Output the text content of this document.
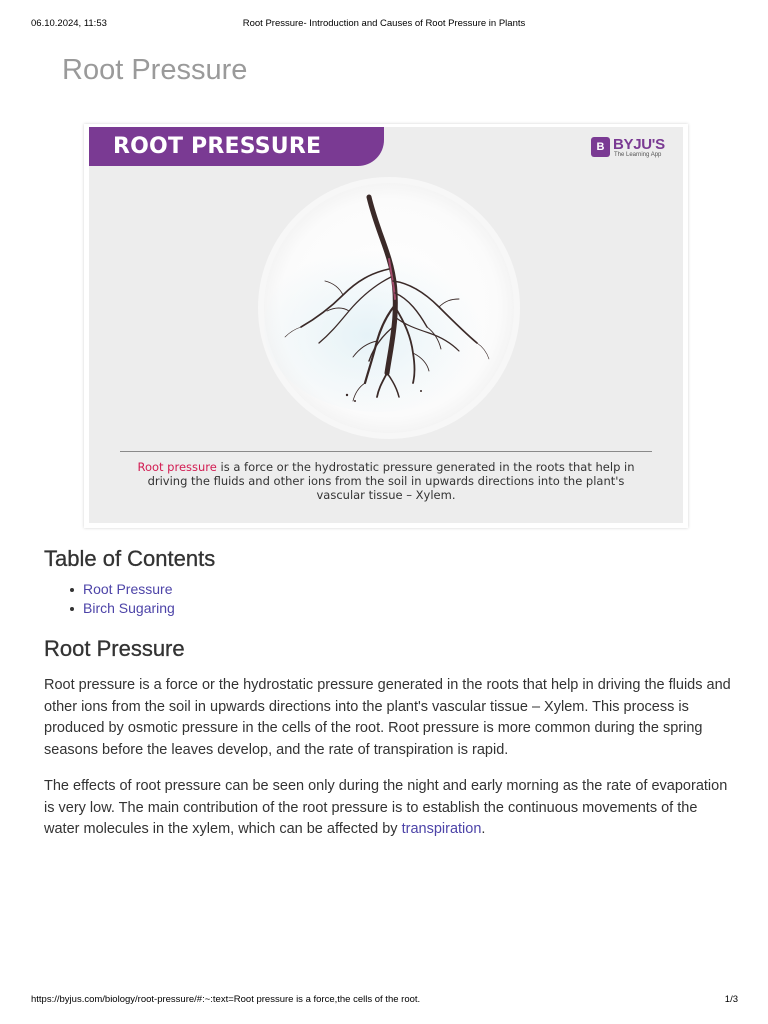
06.10.2024, 11:53	Root Pressure- Introduction and Causes of Root Pressure in Plants
Root Pressure
ROOT PRESSURE	B BYJU'S
The Learning App

Root pressure is a force or the hydrostatic pressure generated in the roots that help in driving the fluids and other ions from the soil in upwards directions into the plant's vascular tissue – Xylem.

Table of Contents
Root Pressure
Birch Sugaring
Root Pressure

Root pressure is a force or the hydrostatic pressure generated in the roots that help in driving the fluids and other ions from the soil in upwards directions into the plant's vascular tissue – Xylem. This process is produced by osmotic pressure in the cells of the root. Root pressure is more common during the spring seasons before the leaves develop, and the rate of transpiration is rapid.

The effects of root pressure can be seen only during the night and early morning as the rate of evaporation is very low. The main contribution of the root pressure is to establish the continuous movements of the water molecules in the xylem, which can be affected by transpiration.

https://byjus.com/biology/root-pressure/#:~:text=Root pressure is a force,the cells of the root.	1/3
